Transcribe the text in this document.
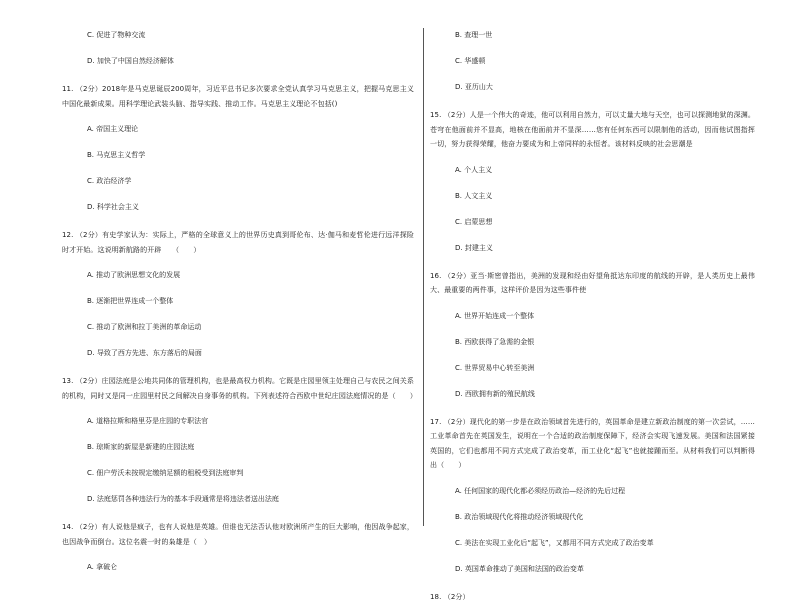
C. 促进了物种交流

D. 加快了中国自然经济解体

11. （2分）2018年是马克思诞辰200周年，习近平总书记多次要求全党认真学习马克思主义，把握马克思主义中国化最新成果。用科学理论武装头脑、指导实践、推动工作。马克思主义理论不包括()

A. 帝国主义理论

B. 马克思主义哲学

C. 政治经济学

D. 科学社会主义

12. （2分）有史学家认为：实际上，严格的全球意义上的世界历史真到哥伦布、达·伽马和麦哲伦进行远洋探险时才开始。这说明新航路的开辟　　（　　）

A. 推动了欧洲思想文化的发展

B. 逐渐把世界连成一个整体

C. 推动了欧洲和拉丁美洲的革命运动

D. 导致了西方先进、东方落后的局面

13. （2分）庄园法庭是公地共同体的管理机构，也是最高权力机构。它既是庄园里领主处理自己与农民之间关系的机构，同时又是同一庄园里村民之间解决自身事务的机构。下列表述符合西欧中世纪庄园法庭情况的是（　　）

A. 道格拉斯和格里芬是庄园的专职法官

B. 琼斯家的新屋是新建的庄园法庭

C. 佃户劳沃未按规定缴纳足额的租税受到法庭审判

D. 法庭惩罚各种违法行为的基本手段通常是将违法者送出法庭

14. （2分）有人说他是疯子，也有人说他是英雄。但谁也无法否认他对欧洲所产生的巨大影响，他因战争起家，也因战争而倒台。这位名震一时的枭雄是（　）

A. 拿破仑

B. 查理一世

C. 华盛顿

D. 亚历山大

15. （2分）人是一个伟大的奇迹，他可以利用自然力，可以丈量大地与天空，也可以探测地狱的深渊。苍穹在他面前并不显高，地核在他面前并不显深……您有任何东西可以限制他的活动，因而他试图指挥一切，努力获得荣耀，他奋力要成为和上帝同样的永恒者。该材料反映的社会思潮是

A. 个人主义

B. 人文主义

C. 启蒙思想

D. 封建主义

16. （2分）亚当·斯密曾指出，美洲的发现和经由好望角抵达东印度的航线的开辟，是人类历史上最伟大、最重要的两件事，这样评价是因为这些事件使

A. 世界开始连成一个整体

B. 西欧获得了急需的金银

C. 世界贸易中心转至美洲

D. 西欧拥有新的殖民航线

17. （2分）现代化的第一步是在政治领域首先进行的，英国革命是建立新政治制度的第一次尝试，……工业革命首先在英国发生，说明在一个合适的政治制度保障下，经济会实现飞速发展。美国和法国紧接英国的，它们也都用不同方式完成了政治变革，而工业化“起飞”也就接踵而至。从材料我们可以判断得出（　　）

A. 任何国家的现代化都必须经历政治—经济的先后过程

B. 政治领域现代化将推动经济领域现代化

C. 美法在实现工业化后“起飞”，又都用不同方式完成了政治变革

D. 英国革命推动了美国和法国的政治变革

18. （2分）
